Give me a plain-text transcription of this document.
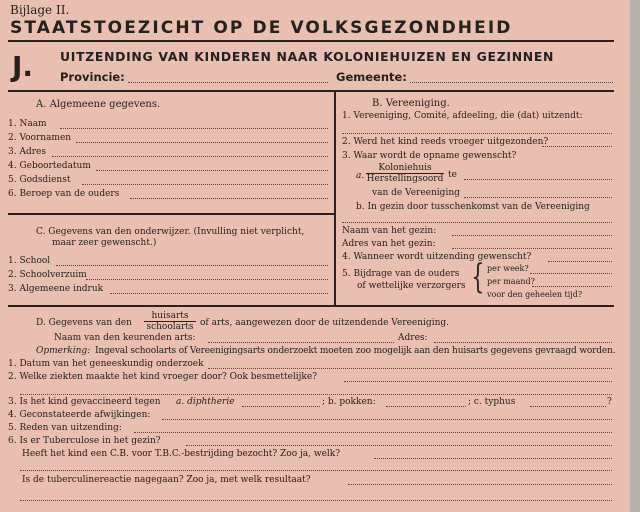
Bijlage II.
STAATSTOEZICHT OP DE VOLKSGEZONDHEID
J. UITZENDING VAN KINDEREN NAAR KOLONIEHUIZEN EN GEZINNEN
Provincie:	Gemeente:
A. Algemeene gegevens.
1. Naam
2. Voornamen
3. Adres
4. Geboortedatum
5. Godsdienst
6. Beroep van de ouders
C. Gegevens van den onderwijzer. (Invulling niet verplicht,
maar zeer gewenscht.)
1. School
2. Schoolverzuim
3. Algemeene indruk
B. Vereeniging.
1. Vereeniging, Comité, afdeeling, die (dat) uitzendt:
2. Werd het kind reeds vroeger uitgezonden?
3. Waar wordt de opname gewenscht?
a.
Koloniehuis
Herstellingsoord te
van de Vereeniging
b. In gezin door tusschenkomst van de Vereeniging
Naam van het gezin:
Adres van het gezin:
4. Wanneer wordt uitzending gewenscht?
5. Bijdrage van de ouders
of wettelijke verzorgers { per week?
per maand?
voor den geheelen tijd?
D. Gegevens van den
huisarts
schoolarts of arts, aangewezen door de uitzendende Vereeniging.
Naam van den keurenden arts:	Adres:
Opmerking: Ingeval schoolarts of Vereenigingsarts onderzoekt moeten zoo mogelijk aan den huisarts gegevens gevraagd worden.
1. Datum van het geneeskundig onderzoek
2. Welke ziekten maakte het kind vroeger door? Ook besmettelijke?
3. Is het kind gevaccineerd tegen a. diphtherie	; b. pokken:	; c. typhus	?
4. Geconstateerde afwijkingen:
5. Reden van uitzending:
6. Is er Tuberculose in het gezin?
Heeft het kind een C.B. voor T.B.C.-bestrijding bezocht? Zoo ja, welk?
Is de tuberculinereactie nagegaan? Zoo ja, met welk resultaat?
